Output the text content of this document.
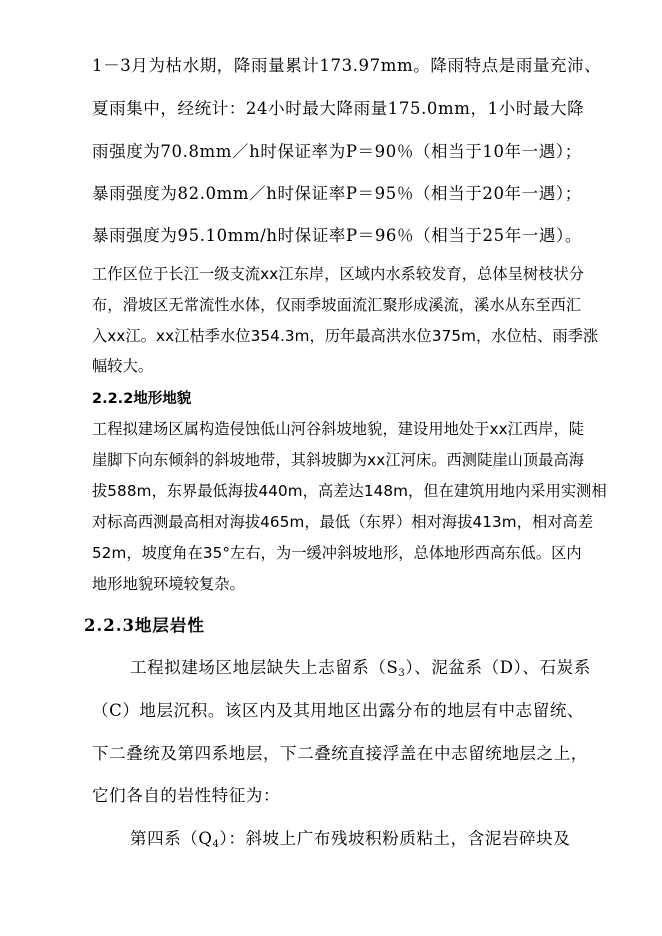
1－3月为枯水期，降雨量累计173.97mm。降雨特点是雨量充沛、

夏雨集中，经统计：24小时最大降雨量175.0mm，1小时最大降

雨强度为70.8mm／h时保证率为P＝90％（相当于10年一遇）；

暴雨强度为82.0mm／h时保证率P＝95％（相当于20年一遇）；

暴雨强度为95.10mm/h时保证率P＝96％（相当于25年一遇）。

工作区位于长江一级支流xx江东岸，区域内水系较发育，总体呈树枝状分

布，滑坡区无常流性水体，仅雨季坡面流汇聚形成溪流，溪水从东至西汇

入xx江。xx江枯季水位354.3m，历年最高洪水位375m，水位枯、雨季涨

幅较大。

2.2.2地形地貌

工程拟建场区属构造侵蚀低山河谷斜坡地貌，建设用地处于xx江西岸，陡

崖脚下向东倾斜的斜坡地带，其斜坡脚为xx江河床。西测陡崖山顶最高海

拔588m，东界最低海拔440m，高差达148m，但在建筑用地内采用实测相

对标高西测最高相对海拔465m，最低（东界）相对海拔413m，相对高差

52m，坡度角在35°左右，为一缓冲斜坡地形，总体地形西高东低。区内

地形地貌环境较复杂。

2.2.3地层岩性

工程拟建场区地层缺失上志留系$(S_3)$、泥盆系（D）、石炭系

（C）地层沉积。该区内及其用地区出露分布的地层有中志留统、

下二叠统及第四系地层，下二叠统直接浮盖在中志留统地层之上，

它们各自的岩性特征为：

第四系$(Q_4)$：斜坡上广布残坡积粉质粘土，含泥岩碎块及
